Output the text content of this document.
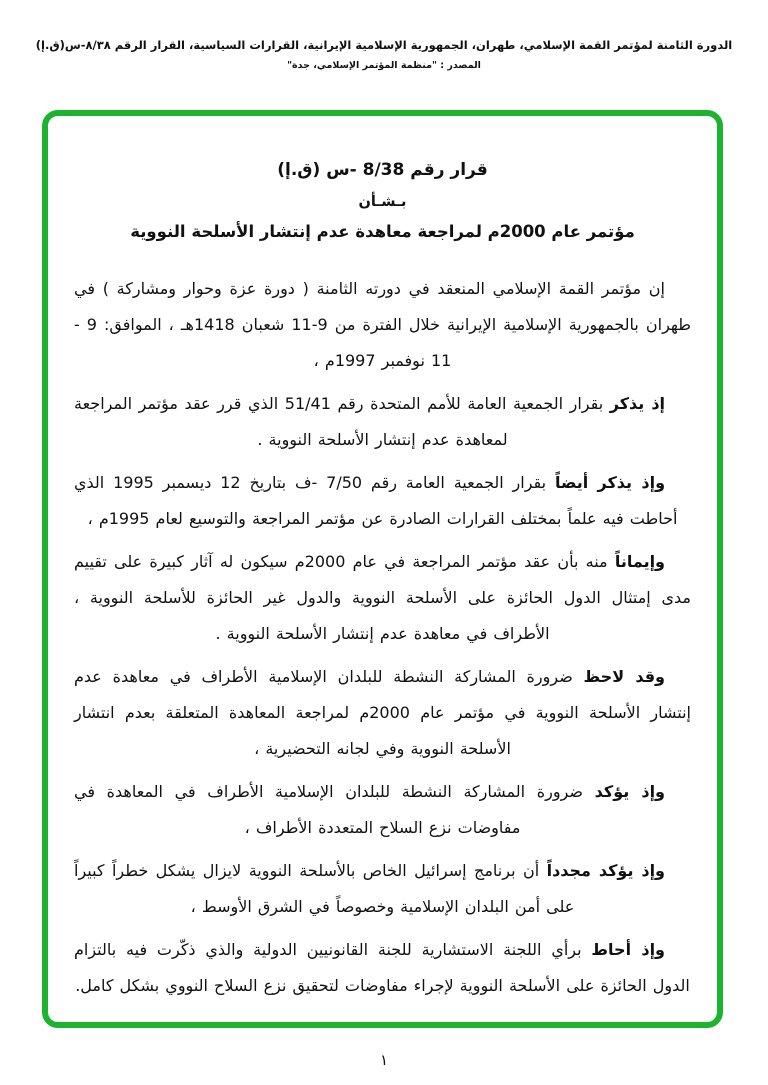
الدورة الثامنة لمؤتمر القمة الإسلامي، طهران، الجمهورية الإسلامية الإيرانية، القرارات السياسية، القرار الرقم ٨/٣٨-س(ق.إ)
المصدر : "منظمة المؤتمر الإسلامي، جدة"
قرار رقم 8/38 -س (ق.إ)
بـشـأن
مؤتمر عام 2000م لمراجعة معاهدة عدم إنتشار الأسلحة النووية

إن مؤتمر القمة الإسلامي المنعقد في دورته الثامنة ( دورة عزة وحوار ومشاركة ) في طهران بالجمهورية الإسلامية الإيرانية خلال الفترة من 9-11 شعبان 1418هـ ، الموافق: 9 - 11 نوفمبر 1997م ،

إذ يذكر بقرار الجمعية العامة للأمم المتحدة رقم 51/41 الذي قرر عقد مؤتمر المراجعة لمعاهدة عدم إنتشار الأسلحة النووية .

وإذ يذكر أيضاً بقرار الجمعية العامة رقم 7/50 -ف بتاريخ 12 ديسمبر 1995 الذي أحاطت فيه علماً بمختلف القرارات الصادرة عن مؤتمر المراجعة والتوسيع لعام 1995م ،

وإيماناً منه بأن عقد مؤتمر المراجعة في عام 2000م سيكون له آثار كبيرة على تقييم مدى إمتثال الدول الحائزة على الأسلحة النووية والدول غير الحائزة للأسلحة النووية ، الأطراف في معاهدة عدم إنتشار الأسلحة النووية .

وقد لاحظ ضرورة المشاركة النشطة للبلدان الإسلامية الأطراف في معاهدة عدم إنتشار الأسلحة النووية في مؤتمر عام 2000م لمراجعة المعاهدة المتعلقة بعدم انتشار الأسلحة النووية وفي لجانه التحضيرية ،

وإذ يؤكد ضرورة المشاركة النشطة للبلدان الإسلامية الأطراف في المعاهدة في مفاوضات نزع السلاح المتعددة الأطراف ،

وإذ يؤكد مجدداً أن برنامج إسرائيل الخاص بالأسلحة النووية لايزال يشكل خطراً كبيراً على أمن البلدان الإسلامية وخصوصاً في الشرق الأوسط ،

وإذ أحاط برأي اللجنة الاستشارية للجنة القانونيين الدولية والذي ذكّرت فيه بالتزام الدول الحائزة على الأسلحة النووية لإجراء مفاوضات لتحقيق نزع السلاح النووي بشكل كامل.

١
